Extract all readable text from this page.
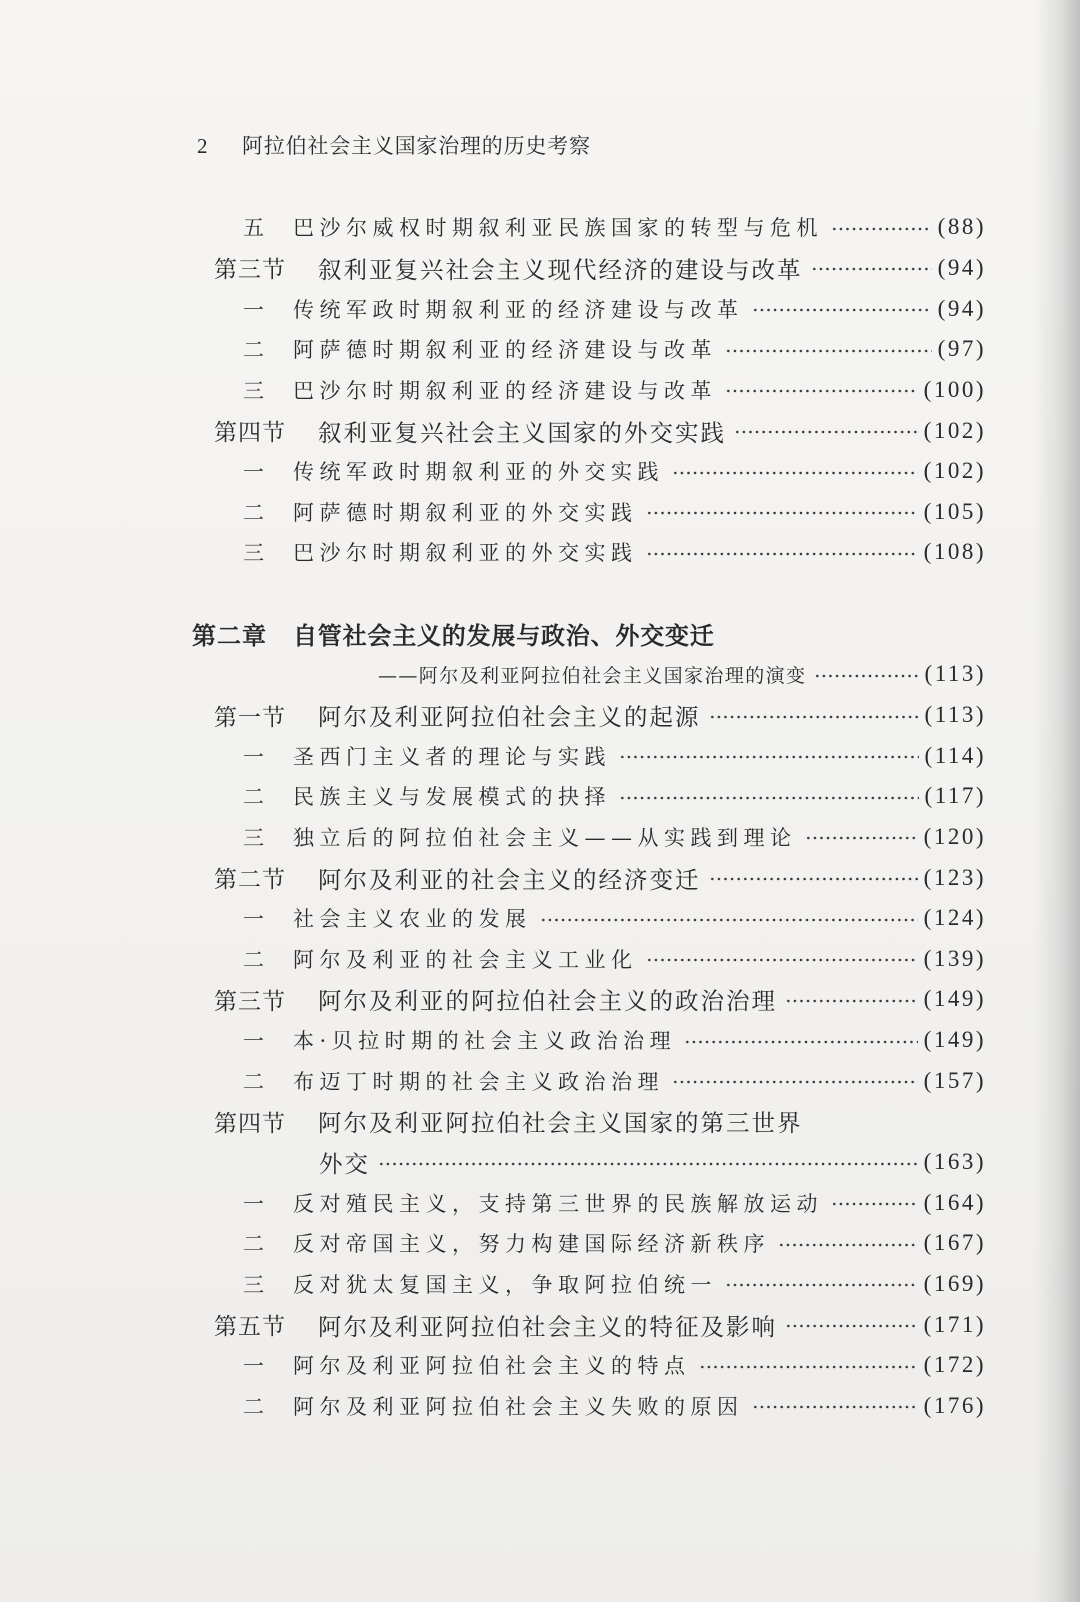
2 阿拉伯社会主义国家治理的历史考察
五	巴沙尔威权时期叙利亚民族国家的转型与危机	(88)
第三节	叙利亚复兴社会主义现代经济的建设与改革	(94)
一	传统军政时期叙利亚的经济建设与改革	(94)
二	阿萨德时期叙利亚的经济建设与改革	(97)
三	巴沙尔时期叙利亚的经济建设与改革	(100)
第四节	叙利亚复兴社会主义国家的外交实践	(102)
一	传统军政时期叙利亚的外交实践	(102)
二	阿萨德时期叙利亚的外交实践	(105)
三	巴沙尔时期叙利亚的外交实践	(108)
第二章	自管社会主义的发展与政治、外交变迁
——阿尔及利亚阿拉伯社会主义国家治理的演变	(113)
第一节	阿尔及利亚阿拉伯社会主义的起源	(113)
一	圣西门主义者的理论与实践	(114)
二	民族主义与发展模式的抉择	(117)
三	独立后的阿拉伯社会主义——从实践到理论	(120)
第二节	阿尔及利亚的社会主义的经济变迁	(123)
一	社会主义农业的发展	(124)
二	阿尔及利亚的社会主义工业化	(139)
第三节	阿尔及利亚的阿拉伯社会主义的政治治理	(149)
一	本·贝拉时期的社会主义政治治理	(149)
二	布迈丁时期的社会主义政治治理	(157)
第四节	阿尔及利亚阿拉伯社会主义国家的第三世界
外交	(163)
一	反对殖民主义，支持第三世界的民族解放运动	(164)
二	反对帝国主义，努力构建国际经济新秩序	(167)
三	反对犹太复国主义，争取阿拉伯统一	(169)
第五节	阿尔及利亚阿拉伯社会主义的特征及影响	(171)
一	阿尔及利亚阿拉伯社会主义的特点	(172)
二	阿尔及利亚阿拉伯社会主义失败的原因	(176)
